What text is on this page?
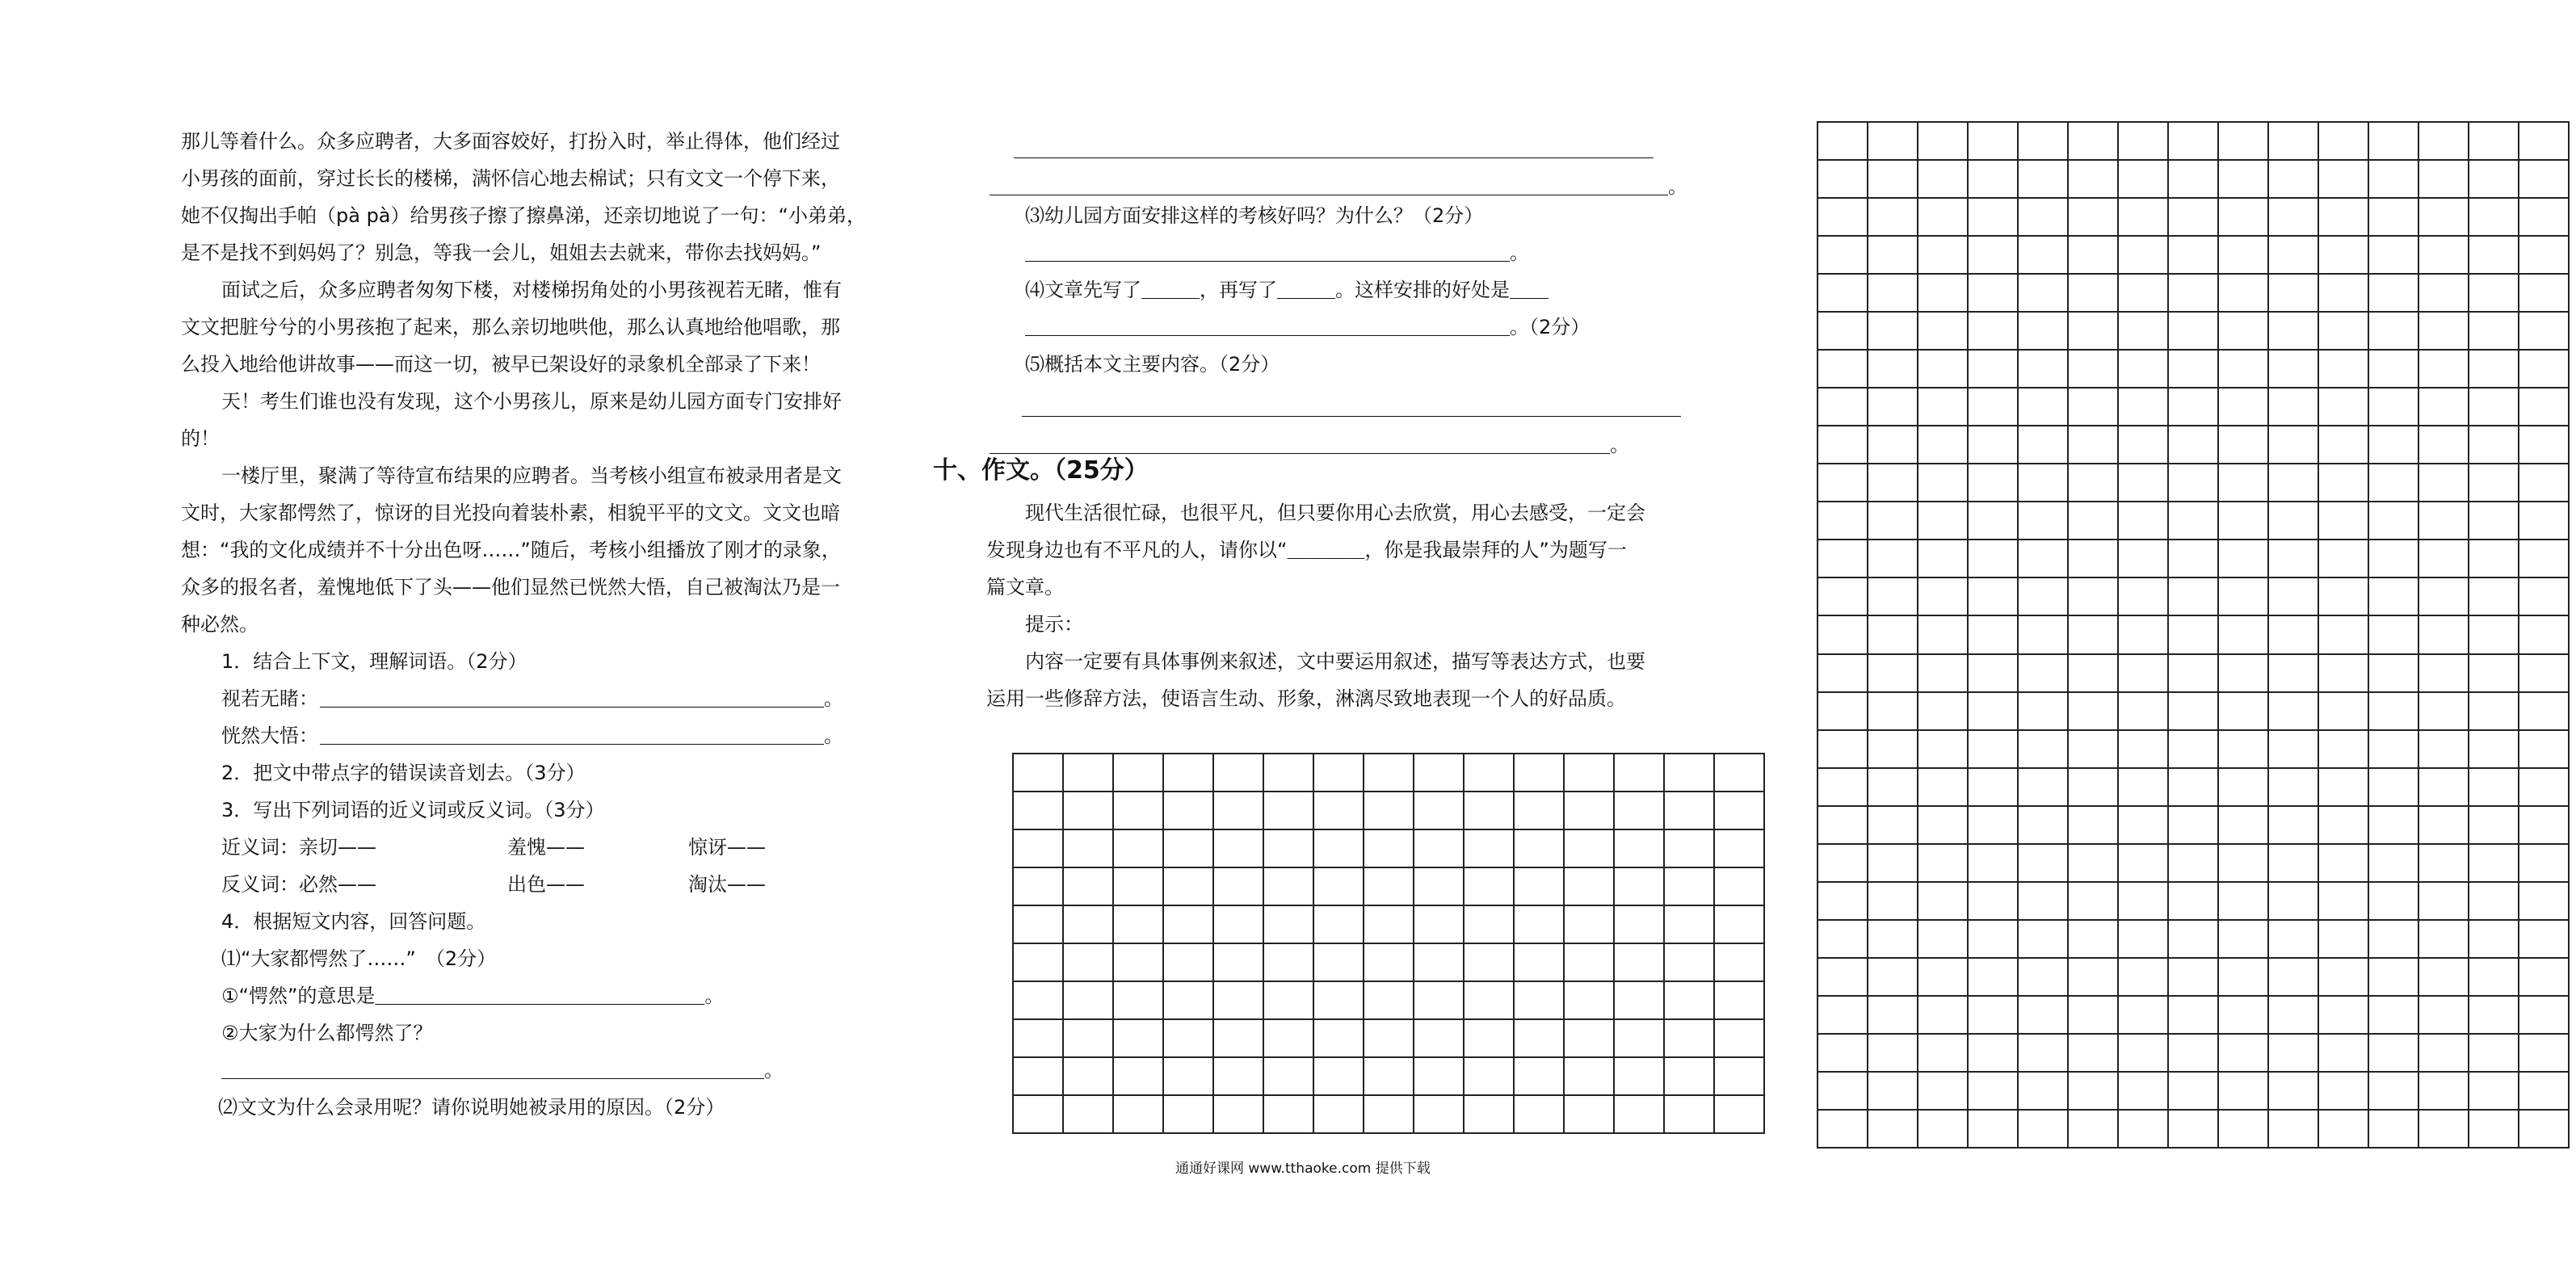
那儿等着什么。众多应聘者，大多面容姣好，打扮入时，举止得体，他们经过
小男孩的面前，穿过长长的楼梯，满怀信心地去棉试；只有文文一个停下来，
她不仅掏出手帕（pà pà）给男孩子擦了擦鼻涕，还亲切地说了一句：“小弟弟，
是不是找不到妈妈了？别急，等我一会儿，姐姐去去就来，带你去找妈妈。”
面试之后，众多应聘者匆匆下楼，对楼梯拐角处的小男孩视若无睹，惟有
文文把脏兮兮的小男孩抱了起来，那么亲切地哄他，那么认真地给他唱歌，那
么投入地给他讲故事——而这一切，被早已架设好的录象机全部录了下来！
天！考生们谁也没有发现，这个小男孩儿，原来是幼儿园方面专门安排好
的！
一楼厅里，聚满了等待宣布结果的应聘者。当考核小组宣布被录用者是文
文时，大家都愕然了，惊讶的目光投向着装朴素，相貌平平的文文。文文也暗
想：“我的文化成绩并不十分出色呀……”随后，考核小组播放了刚才的录象，
众多的报名者，羞愧地低下了头——他们显然已恍然大悟，自己被淘汰乃是一
种必然。
1．结合上下文，理解词语。（2分）
视若无睹： ＿＿＿＿＿＿＿＿＿＿＿＿＿＿＿＿＿＿＿＿＿＿＿＿＿＿。
恍然大悟： ＿＿＿＿＿＿＿＿＿＿＿＿＿＿＿＿＿＿＿＿＿＿＿＿＿＿。
2．把文中带点字的错误读音划去。（3分）
3．写出下列词语的近义词或反义词。（3分）
近义词：亲切——	羞愧——	惊讶——
反义词：必然——	出色——	淘汰——
4．根据短文内容，回答问题。
⑴“大家都愕然了……”　（2分）
①“愕然”的意思是＿＿＿＿＿＿＿＿＿＿＿＿＿＿＿＿＿。
②大家为什么都愕然了？
＿＿＿＿＿＿＿＿＿＿＿＿＿＿＿＿＿＿＿＿＿＿＿＿＿＿＿＿。
⑵文文为什么会录用呢？请你说明她被录用的原因。（2分）
＿＿＿＿＿＿＿＿＿＿＿＿＿＿＿＿＿＿＿＿＿＿＿＿＿＿＿＿＿＿＿＿＿
＿＿＿＿＿＿＿＿＿＿＿＿＿＿＿＿＿＿＿＿＿＿＿＿＿＿＿＿＿＿＿＿＿＿＿。
⑶幼儿园方面安排这样的考核好吗？为什么？（2分）
＿＿＿＿＿＿＿＿＿＿＿＿＿＿＿＿＿＿＿＿＿＿＿＿＿。
⑷文章先写了＿＿＿，再写了＿＿＿。这样安排的好处是＿＿
＿＿＿＿＿＿＿＿＿＿＿＿＿＿＿＿＿＿＿＿＿＿＿＿＿。（2分）
⑸概括本文主要内容。（2分）
＿＿＿＿＿＿＿＿＿＿＿＿＿＿＿＿＿＿＿＿＿＿＿＿＿＿＿＿＿＿＿＿＿＿
＿＿＿＿＿＿＿＿＿＿＿＿＿＿＿＿＿＿＿＿＿＿＿＿＿＿＿＿＿＿＿＿。
十、作文。（25分）
现代生活很忙碌，也很平凡，但只要你用心去欣赏，用心去感受，一定会
发现身边也有不平凡的人，请你以“＿＿＿＿，你是我最崇拜的人”为题写一
篇文章。
提示：
内容一定要有具体事例来叙述，文中要运用叙述，描写等表达方式，也要
运用一些修辞方法，使语言生动、形象，淋漓尽致地表现一个人的好品质。
通通好课网 www.tthaoke.com 提供下载
